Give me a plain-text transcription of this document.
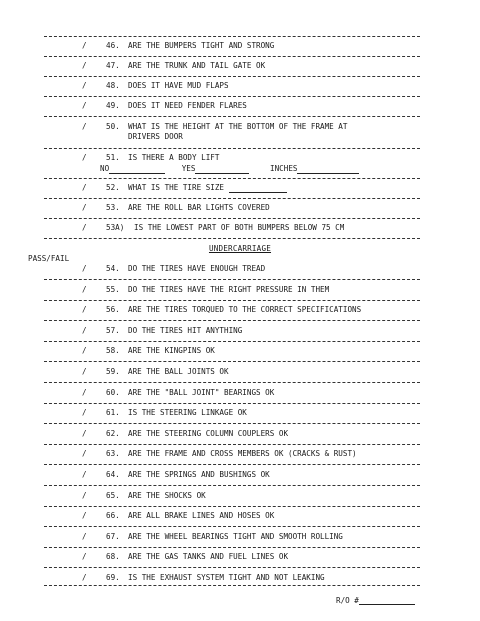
/	46. ARE THE BUMPERS TIGHT AND STRONG
/	47. ARE THE TRUNK AND TAIL GATE OK
/	48. DOES IT HAVE MUD FLAPS
/	49. DOES IT NEED FENDER FLARES
/	50. WHAT IS THE HEIGHT AT THE BOTTOM OF THE FRAME AT
DRIVERS DOOR
/	51. IS THERE A BODY LIFT
NO	YES	INCHES
/	52. WHAT IS THE TIRE SIZE
/	53. ARE THE ROLL BAR LIGHTS COVERED
/	53A) IS THE LOWEST PART OF BOTH BUMPERS BELOW 75 CM
UNDERCARRIAGE
PASS/FAIL
/	54. DO THE TIRES HAVE ENOUGH TREAD
/	55. DO THE TIRES HAVE THE RIGHT PRESSURE IN THEM
/	56. ARE THE TIRES TORQUED TO THE CORRECT SPECIFICATIONS
/	57. DO THE TIRES HIT ANYTHING
/	58. ARE THE KINGPINS OK
/	59. ARE THE BALL JOINTS OK
/	60. ARE THE "BALL JOINT" BEARINGS OK
/	61. IS THE STEERING LINKAGE OK
/	62. ARE THE STEERING COLUMN COUPLERS OK
/	63. ARE THE FRAME AND CROSS MEMBERS OK (CRACKS & RUST)
/	64. ARE THE SPRINGS AND BUSHINGS OK
/	65. ARE THE SHOCKS OK
/	66. ARE ALL BRAKE LINES AND HOSES OK
/	67. ARE THE WHEEL BEARINGS TIGHT AND SMOOTH ROLLING
/	68. ARE THE GAS TANKS AND FUEL LINES OK
/	69. IS THE EXHAUST SYSTEM TIGHT AND NOT LEAKING
R/O #
